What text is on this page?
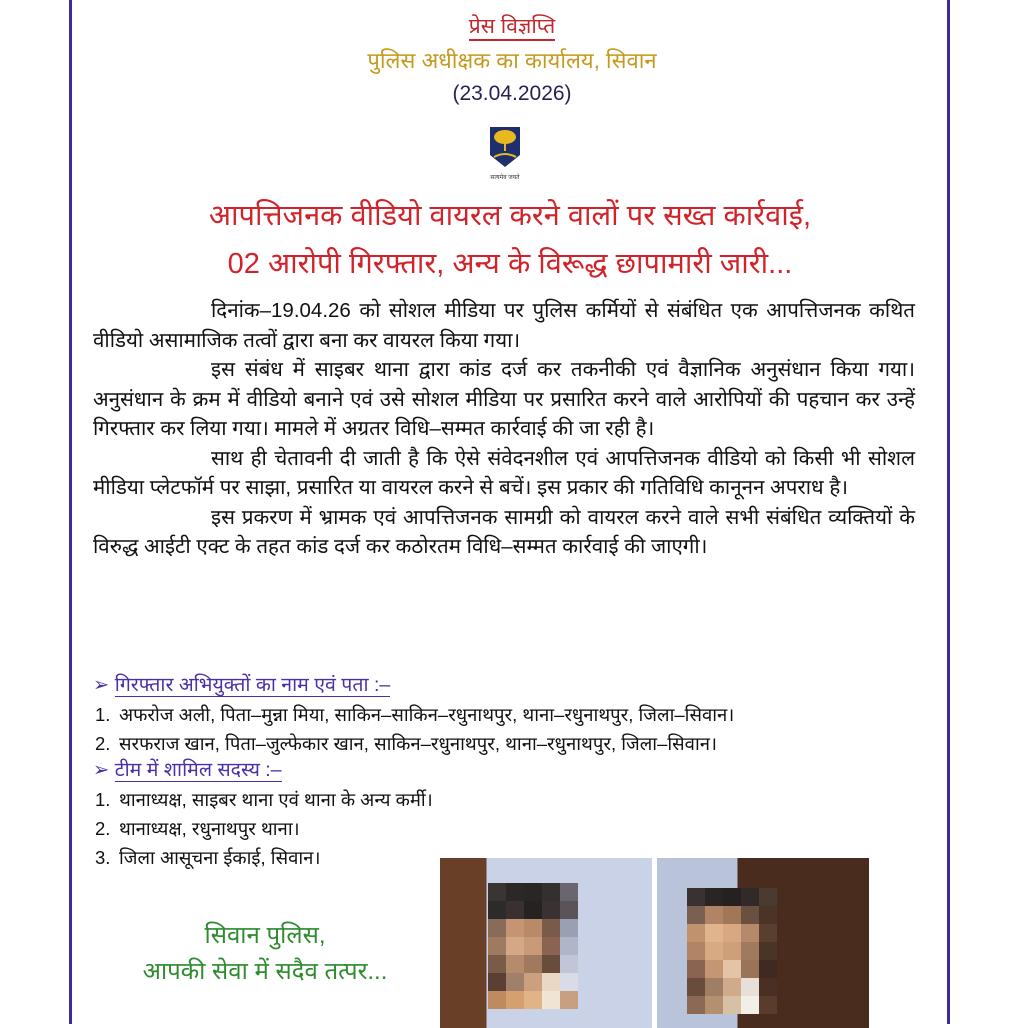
प्रेस विज्ञप्ति
पुलिस अधीक्षक का कार्यालय, सिवान
(23.04.2026)
सत्यमेव जयते
आपत्तिजनक वीडियो वायरल करने वालों पर सख्त कार्रवाई,
02 आरोपी गिरफ्तार, अन्य के विरूद्ध छापामारी जारी...

दिनांक–19.04.26 को सोशल मीडिया पर पुलिस कर्मियों से संबंधित एक आपत्तिजनक कथित वीडियो असामाजिक तत्वों द्वारा बना कर वायरल किया गया।

इस संबंध में साइबर थाना द्वारा कांड दर्ज कर तकनीकी एवं वैज्ञानिक अनुसंधान किया गया। अनुसंधान के क्रम में वीडियो बनाने एवं उसे सोशल मीडिया पर प्रसारित करने वाले आरोपियों की पहचान कर उन्हें गिरफ्तार कर लिया गया। मामले में अग्रतर विधि–सम्मत कार्रवाई की जा रही है।

साथ ही चेतावनी दी जाती है कि ऐसे संवेदनशील एवं आपत्तिजनक वीडियो को किसी भी सोशल मीडिया प्लेटफॉर्म पर साझा, प्रसारित या वायरल करने से बचें। इस प्रकार की गतिविधि कानूनन अपराध है।

इस प्रकरण में भ्रामक एवं आपत्तिजनक सामग्री को वायरल करने वाले सभी संबंधित व्यक्तियों के विरुद्ध आईटी एक्ट के तहत कांड दर्ज कर कठोरतम विधि–सम्मत कार्रवाई की जाएगी।

➢ गिरफ्तार अभियुक्तों का नाम एवं पता :–
1. अफरोज अली, पिता–मुन्ना मिया, साकिन–साकिन–रधुनाथपुर, थाना–रधुनाथपुर, जिला–सिवान।
2. सरफराज खान, पिता–जुल्फेकार खान, साकिन–रधुनाथपुर, थाना–रधुनाथपुर, जिला–सिवान।
➢ टीम में शामिल सदस्य :–
1. थानाध्यक्ष, साइबर थाना एवं थाना के अन्य कर्मी।
2. थानाध्यक्ष, रधुनाथपुर थाना।
3. जिला आसूचना ईकाई, सिवान।
सिवान पुलिस,
आपकी सेवा में सदैव तत्पर...
